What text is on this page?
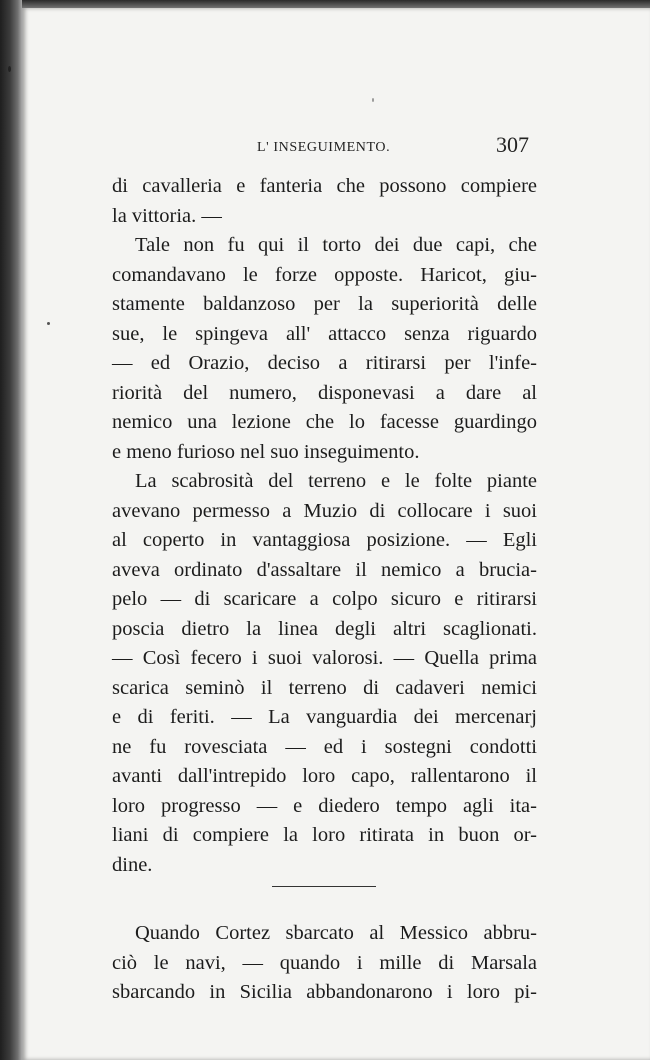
L' INSEGUIMENTO.	307
di cavalleria e fanteria che possono compiere
la vittoria. —
Tale non fu qui il torto dei due capi, che
comandavano le forze opposte. Haricot, giu-
stamente baldanzoso per la superiorità delle
sue, le spingeva all' attacco senza riguardo
— ed Orazio, deciso a ritirarsi per l'infe-
riorità del numero, disponevasi a dare al
nemico una lezione che lo facesse guardingo
e meno furioso nel suo inseguimento.
La scabrosità del terreno e le folte piante
avevano permesso a Muzio di collocare i suoi
al coperto in vantaggiosa posizione. — Egli
aveva ordinato d'assaltare il nemico a brucia-
pelo — di scaricare a colpo sicuro e ritirarsi
poscia dietro la linea degli altri scaglionati.
— Così fecero i suoi valorosi. — Quella prima
scarica seminò il terreno di cadaveri nemici
e di feriti. — La vanguardia dei mercenarj
ne fu rovesciata — ed i sostegni condotti
avanti dall'intrepido loro capo, rallentarono il
loro progresso — e diedero tempo agli ita-
liani di compiere la loro ritirata in buon or-
dine.
Quando Cortez sbarcato al Messico abbru-
ciò le navi, — quando i mille di Marsala
sbarcando in Sicilia abbandonarono i loro pi-
